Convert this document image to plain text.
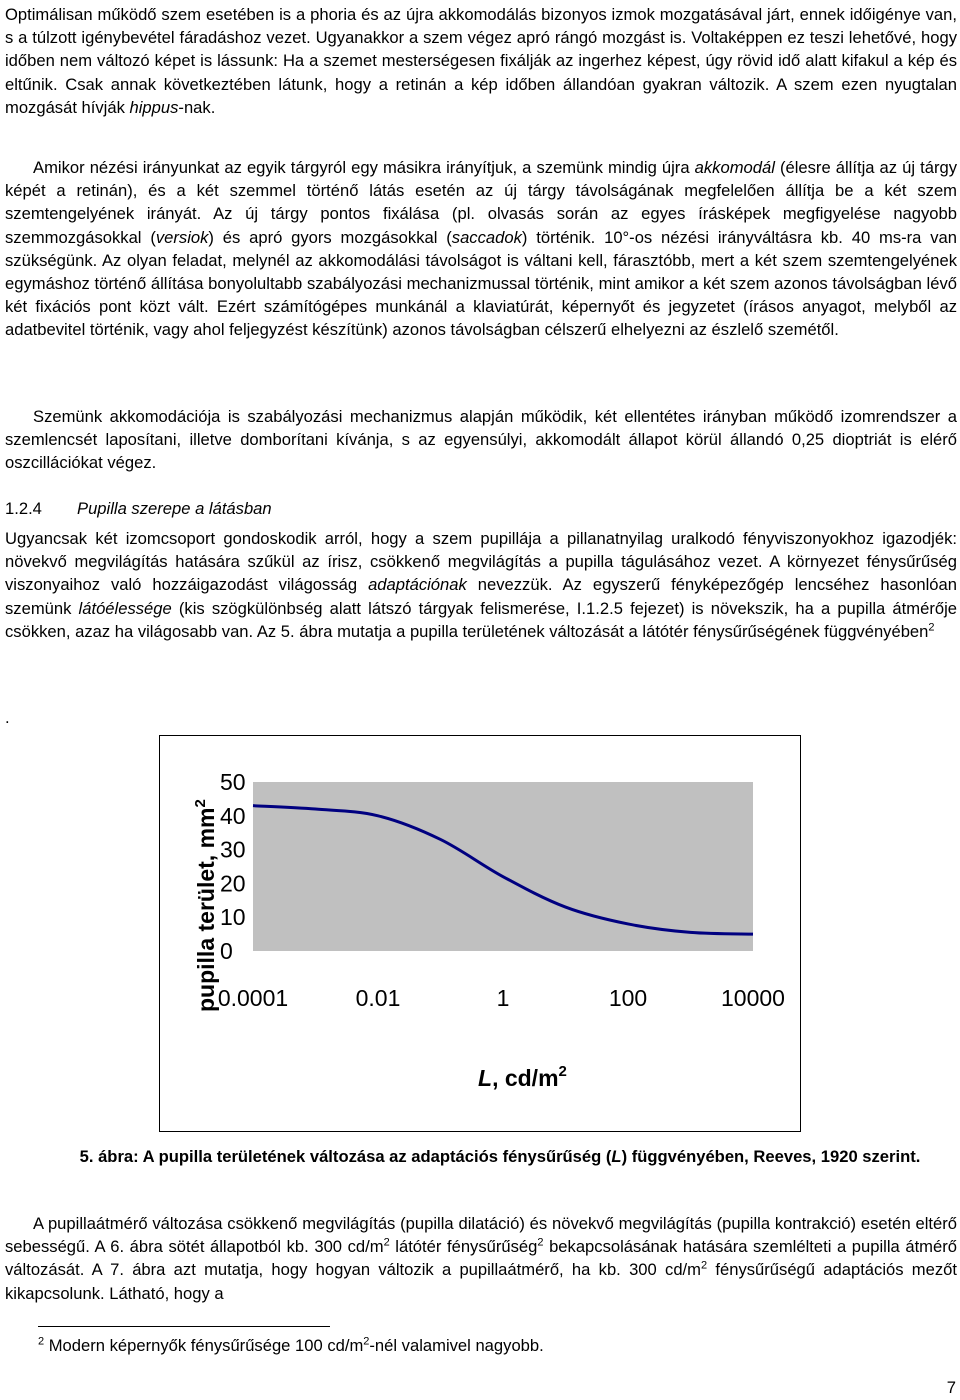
Optimálisan működő szem esetében is a phoria és az újra akkomodálás bizonyos izmok mozgatásával járt, ennek időigénye van, s a túlzott igénybevétel fáradáshoz vezet. Ugyanakkor a szem végez apró rángó mozgást is. Voltaképpen ez teszi lehetővé, hogy időben nem változó képet is lássunk: Ha a szemet mesterségesen fixálják az ingerhez képest, úgy rövid idő alatt kifakul a kép és eltűnik. Csak annak következtében látunk, hogy a retinán a kép időben állandóan gyakran változik. A szem ezen nyugtalan mozgását hívják hippus-nak.

Amikor nézési irányunkat az egyik tárgyról egy másikra irányítjuk, a szemünk mindig újra akkomodál (élesre állítja az új tárgy képét a retinán), és a két szemmel történő látás esetén az új tárgy távolságának megfelelően állítja be a két szem szemtengelyének irányát. Az új tárgy pontos fixálása (pl. olvasás során az egyes írásképek megfigyelése nagyobb szemmozgásokkal (versiok) és apró gyors mozgásokkal (saccadok) történik. 10°-os nézési irányváltásra kb. 40 ms-ra van szükségünk. Az olyan feladat, melynél az akkomodálási távolságot is váltani kell, fárasztóbb, mert a két szem szemtengelyének egymáshoz történő állítása bonyolultabb szabályozási mechanizmussal történik, mint amikor a két szem azonos távolságban lévő két fixációs pont közt vált. Ezért számítógépes munkánál a klaviatúrát, képernyőt és jegyzetet (írásos anyagot, melyből az adatbevitel történik, vagy ahol feljegyzést készítünk) azonos távolságban célszerű elhelyezni az észlelő szemétől.

Szemünk akkomodációja is szabályozási mechanizmus alapján működik, két ellentétes irányban működő izomrendszer a szemlencsét laposítani, illetve domborítani kívánja, s az egyensúlyi, akkomodált állapot körül állandó 0,25 dioptriát is elérő oszcillációkat végez.

1.2.4 Pupilla szerepe a látásban

Ugyancsak két izomcsoport gondoskodik arról, hogy a szem pupillája a pillanatnyilag uralkodó fényviszonyokhoz igazodjék: növekvő megvilágítás hatására szűkül az írisz, csökkenő megvilágítás a pupilla tágulásához vezet. A környezet fénysűrűség viszonyaihoz való hozzáigazodást világosság adaptációnak nevezzük. Az egyszerű fényképezőgép lencséhez hasonlóan szemünk látóélessége (kis szögkülönbség alatt látszó tárgyak felismerése, I.1.2.5 fejezet) is növekszik, ha a pupilla átmérője csökken, azaz ha világosabb van. Az 5. ábra mutatja a pupilla területének változását a látótér fénysűrűségének függvényében$^2$

.

50
40
30
20
10
0
0.0001	0.01	1	100	10000
pupilla terület, $mm^2$
L, $cd/m^2$

5. ábra: A pupilla területének változása az adaptációs fénysűrűség (L) függvényében, Reeves, 1920 szerint.

A pupillaátmérő változása csökkenő megvilágítás (pupilla dilatáció) és növekvő megvilágítás (pupilla kontrakció) esetén eltérő sebességű. A 6. ábra sötét állapotból kb. 300 $cd/m^2$ látótér fénysűrűség$^2$ bekapcsolásának hatására szemlélteti a pupilla átmérő változását. A 7. ábra azt mutatja, hogy hogyan változik a pupillaátmérő, ha kb. 300 $cd/m^2$ fénysűrűségű adaptációs mezőt kikapcsolunk. Látható, hogy a

$^2$ Modern képernyők fénysűrűsége 100 $cd/m^2$-nél valamivel nagyobb.

7
